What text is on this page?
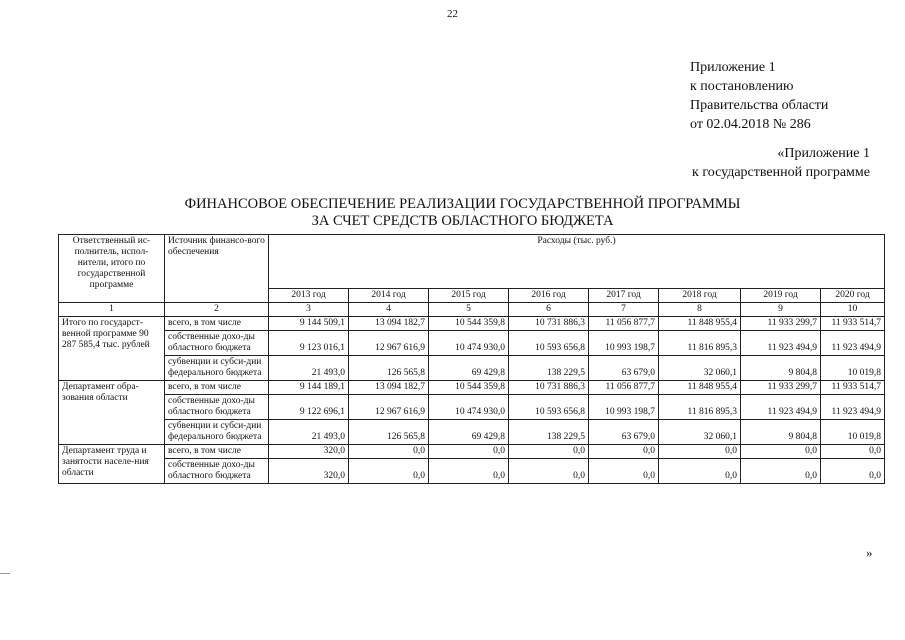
22
Приложение 1
к постановлению
Правительства области
от 02.04.2018 № 286
«Приложение 1
к государственной программе
ФИНАНСОВОЕ ОБЕСПЕЧЕНИЕ РЕАЛИЗАЦИИ ГОСУДАРСТВЕННОЙ ПРОГРАММЫ
ЗА СЧЕТ СРЕДСТВ ОБЛАСТНОГО БЮДЖЕТА
Ответственный ис-полнитель, испол-нители, итого по государственной программе	Источник финансо-вого обеспечения	Расходы (тыс. руб.)							
		2013 год	2014 год	2015 год	2016 год	2017 год	2018 год	2019 год	2020 год
1	2	3	4	5	6	7	8	9	10
Итого по государст-венной программе 90 287 585,4 тыс. рублей	всего, в том числе	9 144 509,1	13 094 182,7	10 544 359,8	10 731 886,3	11 056 877,7	11 848 955,4	11 933 299,7	11 933 514,7
	собственные дохо-ды областного бюджета	9 123 016,1	12 967 616,9	10 474 930,0	10 593 656,8	10 993 198,7	11 816 895,3	11 923 494,9	11 923 494,9
	субвенции и субси-дии федерального бюджета	21 493,0	126 565,8	69 429,8	138 229,5	63 679,0	32 060,1	9 804,8	10 019,8
Департамент обра-зования области	всего, в том числе	9 144 189,1	13 094 182,7	10 544 359,8	10 731 886,3	11 056 877,7	11 848 955,4	11 933 299,7	11 933 514,7
	собственные дохо-ды областного бюджета	9 122 696,1	12 967 616,9	10 474 930,0	10 593 656,8	10 993 198,7	11 816 895,3	11 923 494,9	11 923 494,9
	субвенции и субси-дии федерального бюджета	21 493,0	126 565,8	69 429,8	138 229,5	63 679,0	32 060,1	9 804,8	10 019,8
Департамент труда и занятости населе-ния области	всего, в том числе	320,0	0,0	0,0	0,0	0,0	0,0	0,0	0,0
	собственные дохо-ды областного бюджета	320,0	0,0	0,0	0,0	0,0	0,0	0,0	0,0
»
